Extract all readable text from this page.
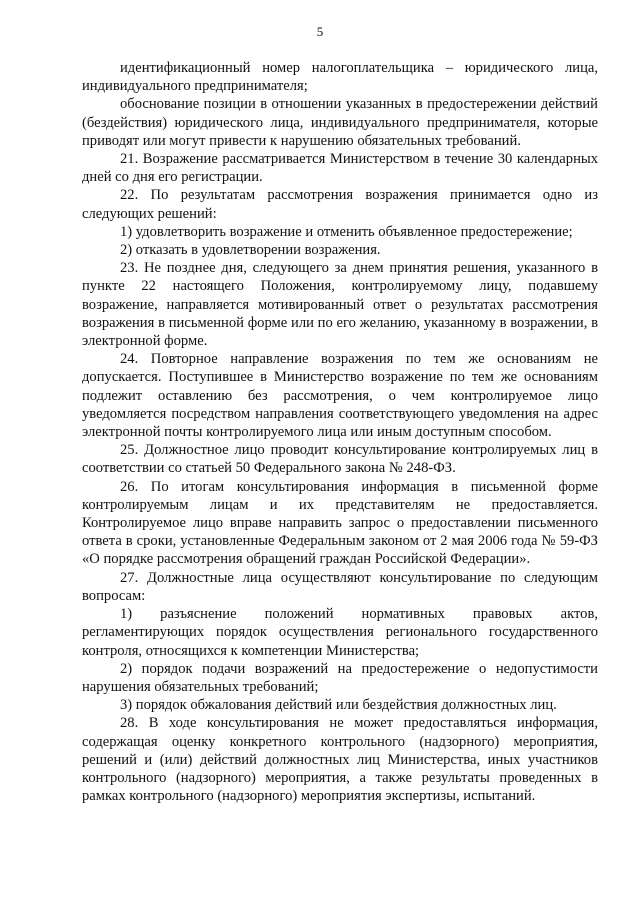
5

идентификационный номер налогоплательщика – юридического лица, индивидуального предпринимателя;

обоснование позиции в отношении указанных в предостережении действий (бездействия) юридического лица, индивидуального предпринимателя, которые приводят или могут привести к нарушению обязательных требований.

21. Возражение рассматривается Министерством в течение 30 календарных дней со дня его регистрации.

22. По результатам рассмотрения возражения принимается одно из следующих решений:

1) удовлетворить возражение и отменить объявленное предостережение;

2) отказать в удовлетворении возражения.

23. Не позднее дня, следующего за днем принятия решения, указанного в пункте 22 настоящего Положения, контролируемому лицу, подавшему возражение, направляется мотивированный ответ о результатах рассмотрения возражения в письменной форме или по его желанию, указанному в возражении, в электронной форме.

24. Повторное направление возражения по тем же основаниям не допускается. Поступившее в Министерство возражение по тем же основаниям подлежит оставлению без рассмотрения, о чем контролируемое лицо уведомляется посредством направления соответствующего уведомления на адрес электронной почты контролируемого лица или иным доступным способом.

25. Должностное лицо проводит консультирование контролируемых лиц в соответствии со статьей 50 Федерального закона № 248-ФЗ.

26. По итогам консультирования информация в письменной форме контролируемым лицам и их представителям не предоставляется. Контролируемое лицо вправе направить запрос о предоставлении письменного ответа в сроки, установленные Федеральным законом от 2 мая 2006 года № 59-ФЗ «О порядке рассмотрения обращений граждан Российской Федерации».

27. Должностные лица осуществляют консультирование по следующим вопросам:

1) разъяснение положений нормативных правовых актов, регламентирующих порядок осуществления регионального государственного контроля, относящихся к компетенции Министерства;

2) порядок подачи возражений на предостережение о недопустимости нарушения обязательных требований;

3) порядок обжалования действий или бездействия должностных лиц.

28. В ходе консультирования не может предоставляться информация, содержащая оценку конкретного контрольного (надзорного) мероприятия, решений и (или) действий должностных лиц Министерства, иных участников контрольного (надзорного) мероприятия, а также результаты проведенных в рамках контрольного (надзорного) мероприятия экспертизы, испытаний.
